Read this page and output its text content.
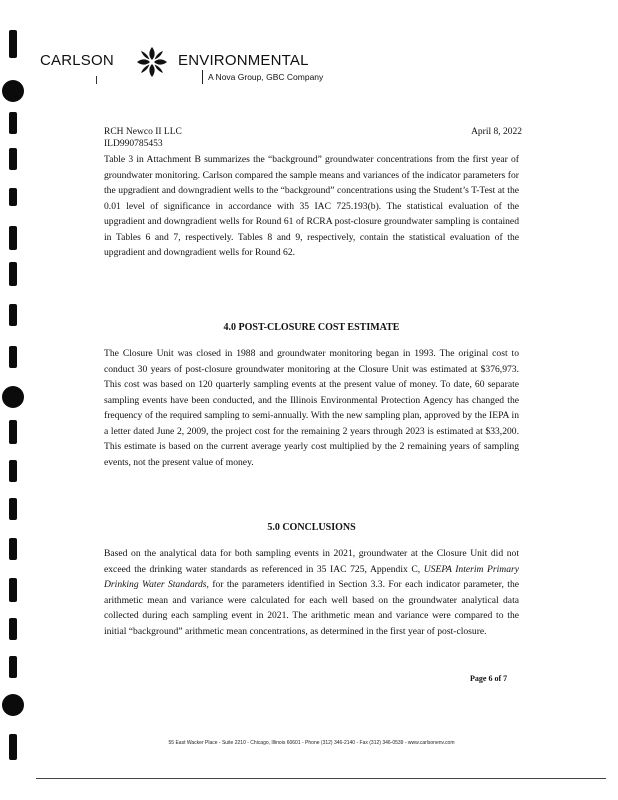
CARLSON	ENVIRONMENTAL
A Nova Group, GBC Company
RCH Newco II LLC
ILD990785453
April 8, 2022

Table 3 in Attachment B summarizes the “background” groundwater concentrations from the first year of groundwater monitoring. Carlson compared the sample means and variances of the indicator parameters for the upgradient and downgradient wells to the “background” concentrations using the Student’s T-Test at the 0.01 level of significance in accordance with 35 IAC 725.193(b). The statistical evaluation of the upgradient and downgradient wells for Round 61 of RCRA post-closure groundwater sampling is contained in Tables 6 and 7, respectively. Tables 8 and 9, respectively, contain the statistical evaluation of the upgradient and downgradient wells for Round 62.

4.0 POST-CLOSURE COST ESTIMATE

The Closure Unit was closed in 1988 and groundwater monitoring began in 1993. The original cost to conduct 30 years of post-closure groundwater monitoring at the Closure Unit was estimated at $376,973. This cost was based on 120 quarterly sampling events at the present value of money. To date, 60 separate sampling events have been conducted, and the Illinois Environmental Protection Agency has changed the frequency of the required sampling to semi-annually. With the new sampling plan, approved by the IEPA in a letter dated June 2, 2009, the project cost for the remaining 2 years through 2023 is estimated at $33,200. This estimate is based on the current average yearly cost multiplied by the 2 remaining years of sampling events, not the present value of money.

5.0 CONCLUSIONS

Based on the analytical data for both sampling events in 2021, groundwater at the Closure Unit did not exceed the drinking water standards as referenced in 35 IAC 725, Appendix C, USEPA Interim Primary Drinking Water Standards, for the parameters identified in Section 3.3. For each indicator parameter, the arithmetic mean and variance were calculated for each well based on the groundwater analytical data collected during each sampling event in 2021. The arithmetic mean and variance were compared to the initial “background” arithmetic mean concentrations, as determined in the first year of post-closure.

Page 6 of 7
55 East Wacker Place - Suite 2210 - Chicago, Illinois 60601 - Phone (312) 346-2140 - Fax (312) 346-0539 - www.carlsonenv.com
